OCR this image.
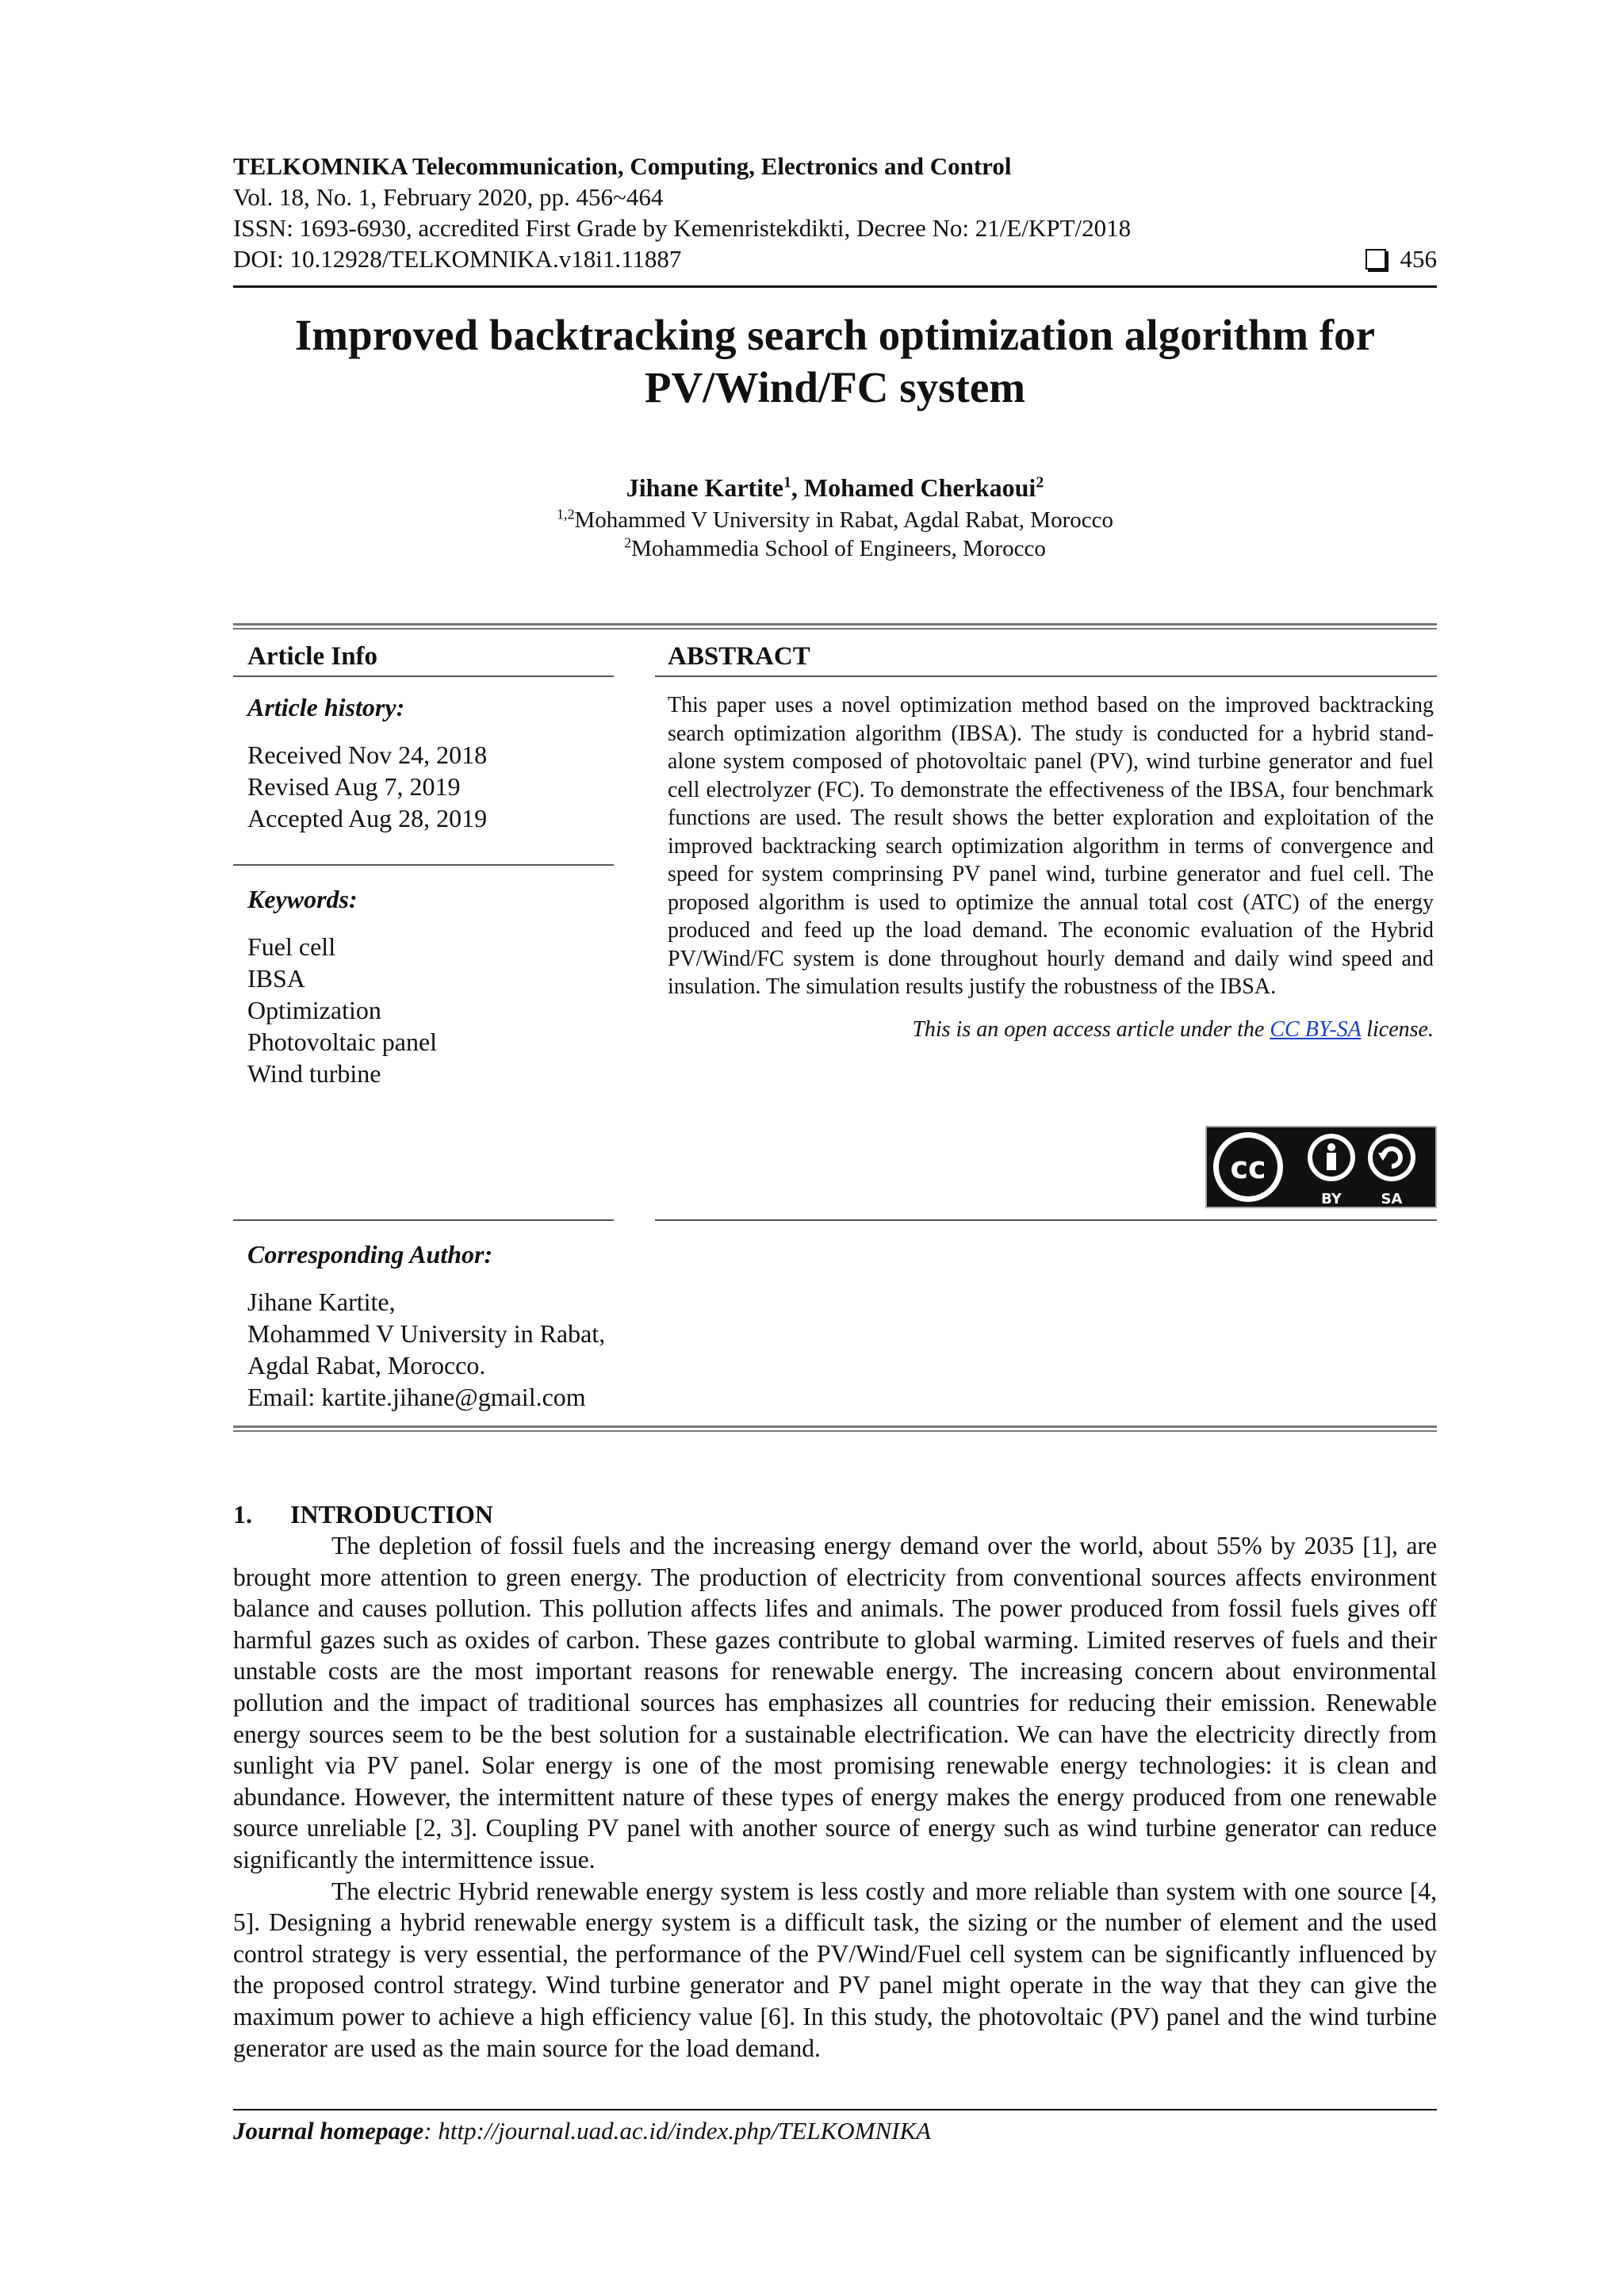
TELKOMNIKA Telecommunication, Computing, Electronics and Control
Vol. 18, No. 1, February 2020, pp. 456~464
ISSN: 1693-6930, accredited First Grade by Kemenristekdikti, Decree No: 21/E/KPT/2018
DOI: 10.12928/TELKOMNIKA.v18i1.11887	456
Improved backtracking search optimization algorithm for
PV/Wind/FC system
Jihane Kartite$^1$, Mohamed Cherkaoui$^2$
$^{1,2}$Mohammed V University in Rabat, Agdal Rabat, Morocco
$^2$Mohammedia School of Engineers, Morocco
Article Info	ABSTRACT
Article history:
Received Nov 24, 2018
Revised Aug 7, 2019
Accepted Aug 28, 2019
Keywords:
Fuel cell
IBSA
Optimization
Photovoltaic panel
Wind turbine
This paper uses a novel optimization method based on the improved backtracking search optimization algorithm (IBSA). The study is conducted for a hybrid stand-alone system composed of photovoltaic panel (PV), wind turbine generator and fuel cell electrolyzer (FC). To demonstrate the effectiveness of the IBSA, four benchmark functions are used. The result shows the better exploration and exploitation of the improved backtracking search optimization algorithm in terms of convergence and speed for system comprinsing PV panel wind, turbine generator and fuel cell. The proposed algorithm is used to optimize the annual total cost (ATC) of the energy produced and feed up the load demand. The economic evaluation of the Hybrid PV/Wind/FC system is done throughout hourly demand and daily wind speed and insulation. The simulation results justify the robustness of the IBSA.
This is an open access article under the CC BY-SA license.
cc
BY	SA
Corresponding Author:
Jihane Kartite,
Mohammed V University in Rabat,
Agdal Rabat, Morocco.
Email: kartite.jihane@gmail.com
1. INTRODUCTION

The depletion of fossil fuels and the increasing energy demand over the world, about 55% by 2035 [1], are brought more attention to green energy. The production of electricity from conventional sources affects environment balance and causes pollution. This pollution affects lifes and animals. The power produced from fossil fuels gives off harmful gazes such as oxides of carbon. These gazes contribute to global warming. Limited reserves of fuels and their unstable costs are the most important reasons for renewable energy. The increasing concern about environmental pollution and the impact of traditional sources has emphasizes all countries for reducing their emission. Renewable energy sources seem to be the best solution for a sustainable electrification. We can have the electricity directly from sunlight via PV panel. Solar energy is one of the most promising renewable energy technologies: it is clean and abundance. However, the intermittent nature of these types of energy makes the energy produced from one renewable source unreliable [2, 3]. Coupling PV panel with another source of energy such as wind turbine generator can reduce significantly the intermittence issue.

The electric Hybrid renewable energy system is less costly and more reliable than system with one source [4, 5]. Designing a hybrid renewable energy system is a difficult task, the sizing or the number of element and the used control strategy is very essential, the performance of the PV/Wind/Fuel cell system can be significantly influenced by the proposed control strategy. Wind turbine generator and PV panel might operate in the way that they can give the maximum power to achieve a high efficiency value [6]. In this study, the photovoltaic (PV) panel and the wind turbine generator are used as the main source for the load demand.

Journal homepage: http://journal.uad.ac.id/index.php/TELKOMNIKA
